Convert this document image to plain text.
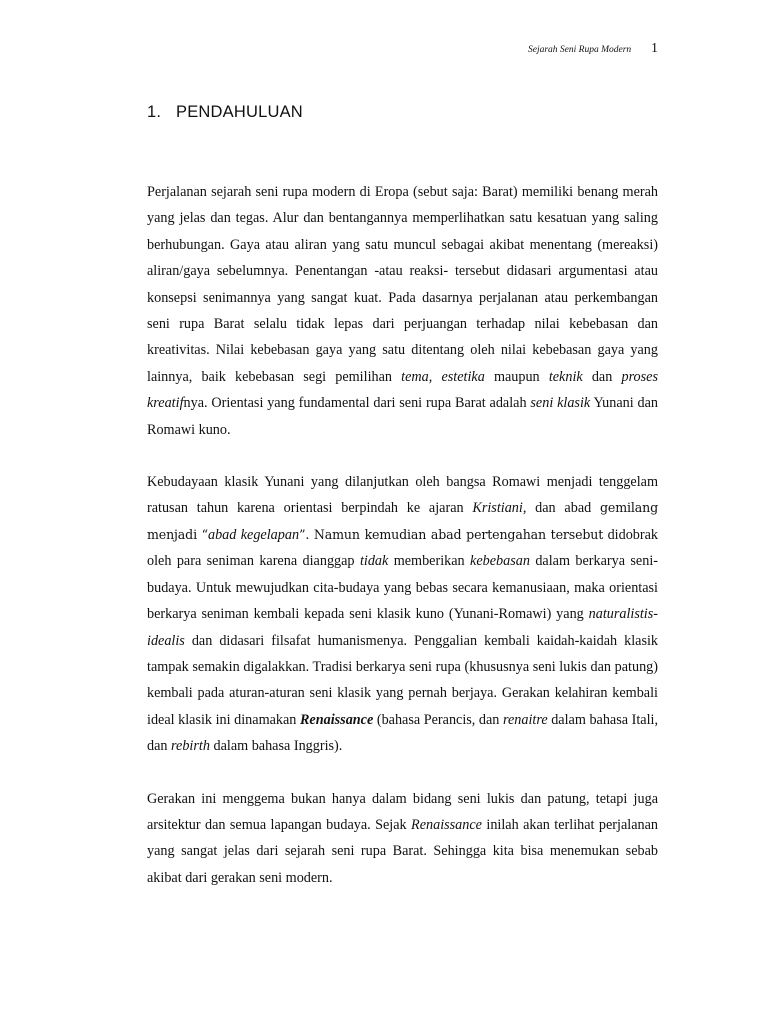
Sejarah Seni Rupa Modern 1
1. PENDAHULUAN

Perjalanan sejarah seni rupa modern di Eropa (sebut saja: Barat) memiliki benang merah yang jelas dan tegas. Alur dan bentangannya memperlihatkan satu kesatuan yang saling berhubungan. Gaya atau aliran yang satu muncul sebagai akibat menentang (mereaksi) aliran/gaya sebelumnya. Penentangan -atau reaksi- tersebut didasari argumentasi atau konsepsi senimannya yang sangat kuat. Pada dasarnya perjalanan atau perkembangan seni rupa Barat selalu tidak lepas dari perjuangan terhadap nilai kebebasan dan kreativitas. Nilai kebebasan gaya yang satu ditentang oleh nilai kebebasan gaya yang lainnya, baik kebebasan segi pemilihan tema, estetika maupun teknik dan proses kreatifnya. Orientasi yang fundamental dari seni rupa Barat adalah seni klasik Yunani dan Romawi kuno.

Kebudayaan klasik Yunani yang dilanjutkan oleh bangsa Romawi menjadi tenggelam ratusan tahun karena orientasi berpindah ke ajaran Kristiani, dan abad gemilang menjadi “abad kegelapan”. Namun kemudian abad pertengahan tersebut didobrak oleh para seniman karena dianggap tidak memberikan kebebasan dalam berkarya seni-budaya. Untuk mewujudkan cita-budaya yang bebas secara kemanusiaan, maka orientasi berkarya seniman kembali kepada seni klasik kuno (Yunani-Romawi) yang naturalistis-idealis dan didasari filsafat humanismenya. Penggalian kembali kaidah-kaidah klasik tampak semakin digalakkan. Tradisi berkarya seni rupa (khususnya seni lukis dan patung) kembali pada aturan-aturan seni klasik yang pernah berjaya. Gerakan kelahiran kembali ideal klasik ini dinamakan Renaissance (bahasa Perancis, dan renaitre dalam bahasa Itali, dan rebirth dalam bahasa Inggris).

Gerakan ini menggema bukan hanya dalam bidang seni lukis dan patung, tetapi juga arsitektur dan semua lapangan budaya. Sejak Renaissance inilah akan terlihat perjalanan yang sangat jelas dari sejarah seni rupa Barat. Sehingga kita bisa menemukan sebab akibat dari gerakan seni modern.
